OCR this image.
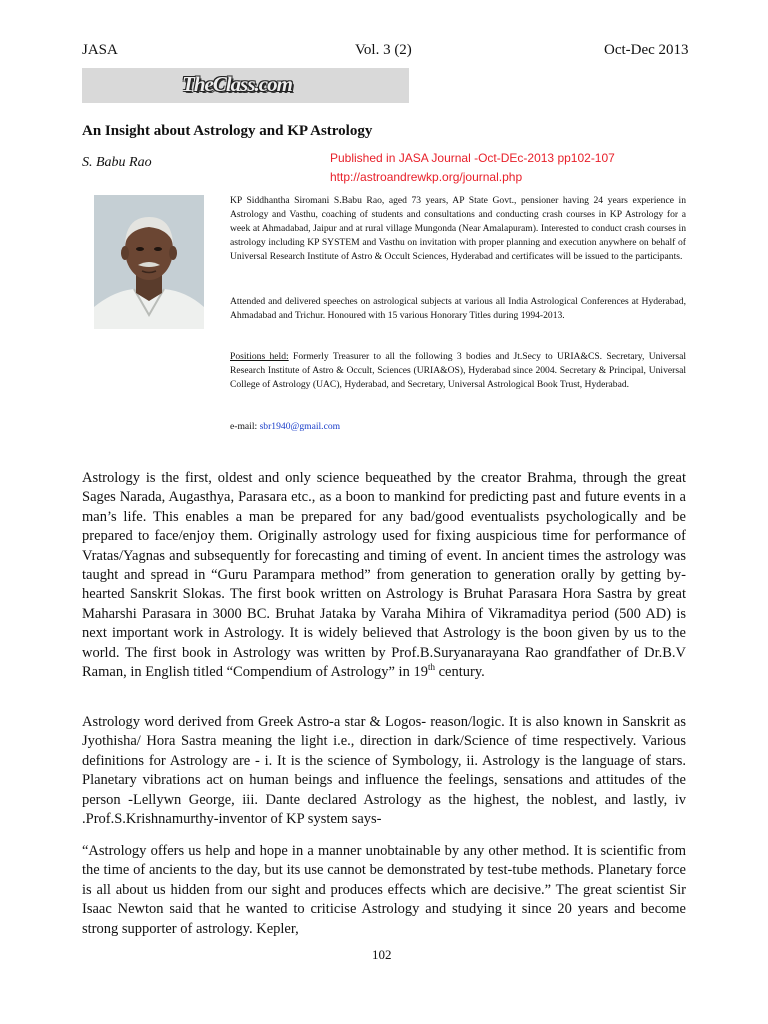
JASA	Vol. 3 (2)	Oct-Dec 2013
TheClass.com
An Insight about Astrology and KP Astrology
S. Babu Rao	Published in JASA Journal -Oct-DEc-2013 pp102-107
http://astroandrewkp.org/journal.php
KP Siddhantha Siromani S.Babu Rao, aged 73 years, AP State Govt., pensioner having 24 years experience in Astrology and Vasthu, coaching of students and consultations and conducting crash courses in KP Astrology for a week at Ahmadabad, Jaipur and at rural village Mungonda (Near Amalapuram). Interested to conduct crash courses in astrology including KP SYSTEM and Vasthu on invitation with proper planning and execution anywhere on behalf of Universal Research Institute of Astro & Occult Sciences, Hyderabad and certificates will be issued to the participants.
Attended and delivered speeches on astrological subjects at various all India Astrological Conferences at Hyderabad, Ahmadabad and Trichur. Honoured with 15 various Honorary Titles during 1994-2013.
Positions held: Formerly Treasurer to all the following 3 bodies and Jt.Secy to URIA&CS. Secretary, Universal Research Institute of Astro & Occult, Sciences (URIA&OS), Hyderabad since 2004. Secretary & Principal, Universal College of Astrology (UAC), Hyderabad, and Secretary, Universal Astrological Book Trust, Hyderabad.
e-mail: sbr1940@gmail.com

Astrology is the first, oldest and only science bequeathed by the creator Brahma, through the great Sages Narada, Augasthya, Parasara etc., as a boon to mankind for predicting past and future events in a man’s life. This enables a man be prepared for any bad/good eventualists psychologically and be prepared to face/enjoy them. Originally astrology used for fixing auspicious time for performance of Vratas/Yagnas and subsequently for forecasting and timing of event. In ancient times the astrology was taught and spread in “Guru Parampara method” from generation to generation orally by getting by-hearted Sanskrit Slokas. The first book written on Astrology is Bruhat Parasara Hora Sastra by great Maharshi Parasara in 3000 BC. Bruhat Jataka by Varaha Mihira of Vikramaditya period (500 AD) is next important work in Astrology. It is widely believed that Astrology is the boon given by us to the world. The first book in Astrology was written by Prof.B.Suryanarayana Rao grandfather of Dr.B.V Raman, in English titled “Compendium of Astrology” in 19th century.

Astrology word derived from Greek Astro-a star & Logos- reason/logic. It is also known in Sanskrit as Jyothisha/ Hora Sastra meaning the light i.e., direction in dark/Science of time respectively. Various definitions for Astrology are - i. It is the science of Symbology, ii. Astrology is the language of stars. Planetary vibrations act on human beings and influence the feelings, sensations and attitudes of the person -Lellywn George, iii. Dante declared Astrology as the highest, the noblest, and lastly, iv .Prof.S.Krishnamurthy-inventor of KP system says-

“Astrology offers us help and hope in a manner unobtainable by any other method. It is scientific from the time of ancients to the day, but its use cannot be demonstrated by test-tube methods. Planetary force is all about us hidden from our sight and produces effects which are decisive.” The great scientist Sir Isaac Newton said that he wanted to criticise Astrology and studying it since 20 years and become strong supporter of astrology. Kepler,

102
